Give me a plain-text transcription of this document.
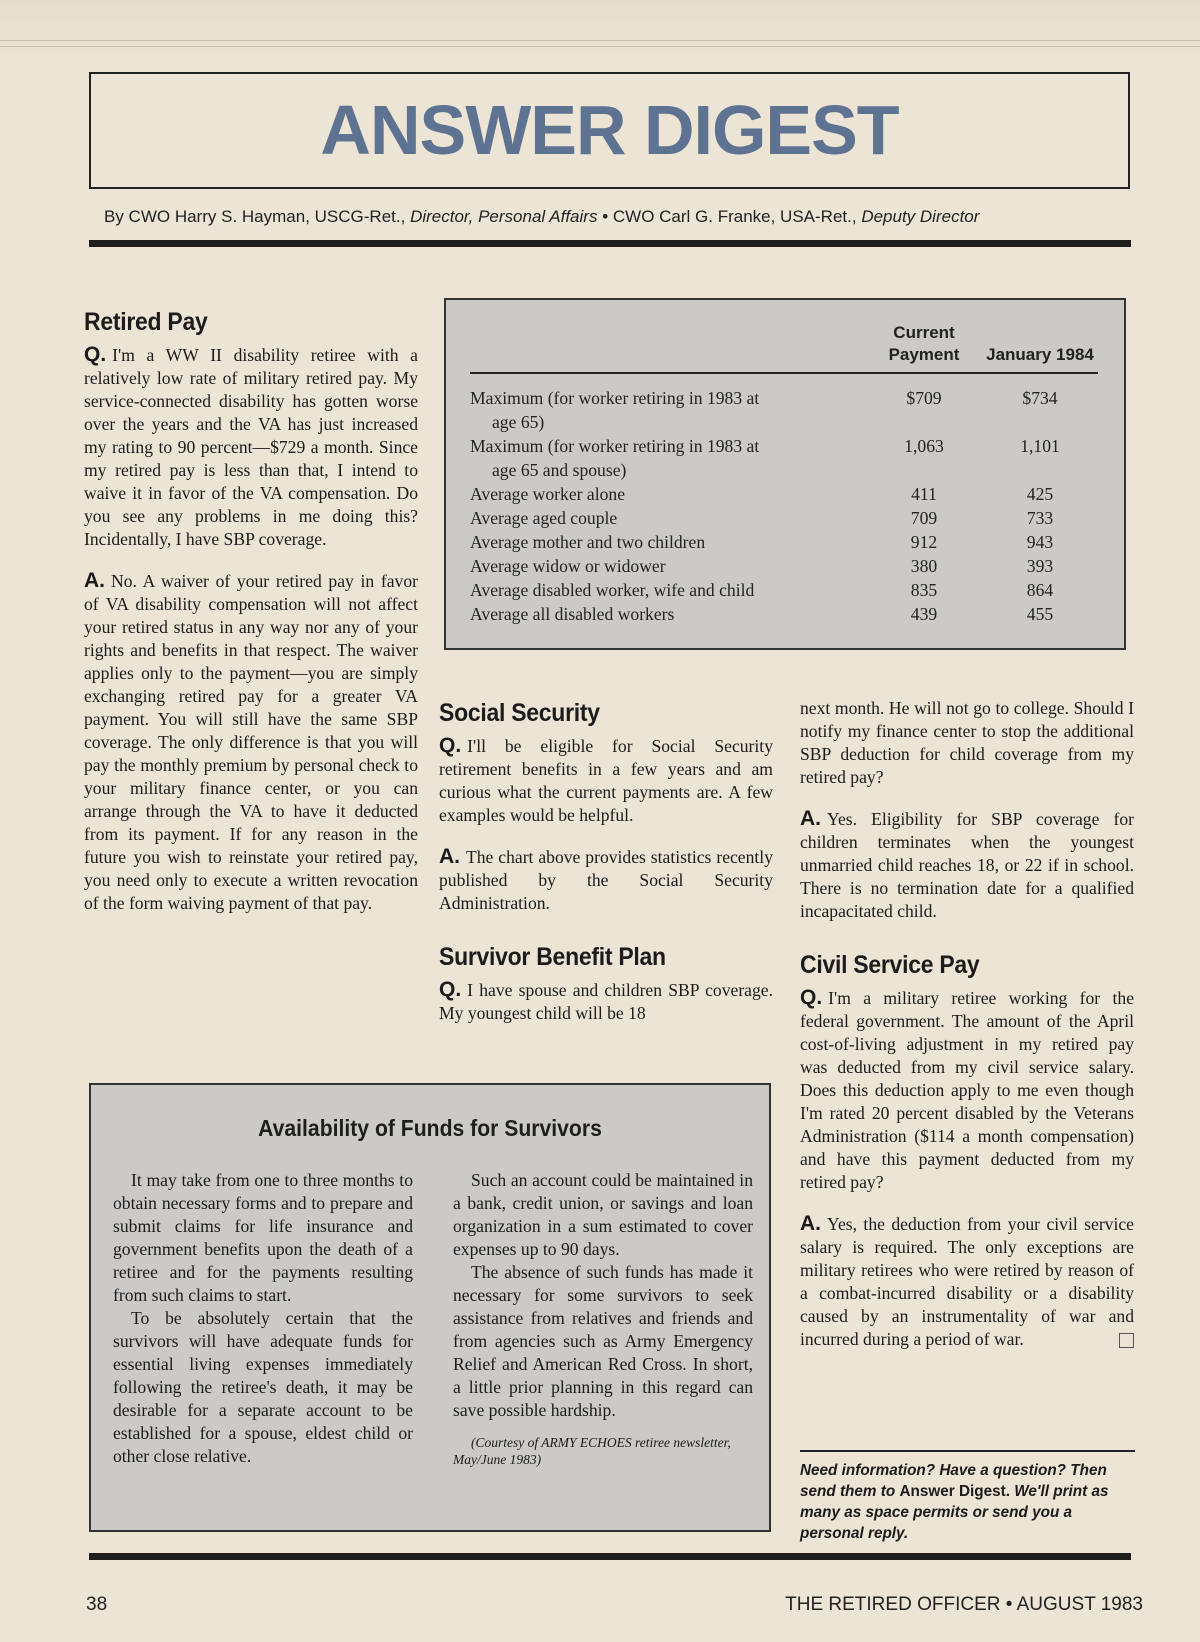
ANSWER DIGEST
By CWO Harry S. Hayman, USCG-Ret., Director, Personal Affairs • CWO Carl G. Franke, USA-Ret., Deputy Director
Retired Pay

Q. I'm a WW II disability retiree with a relatively low rate of military retired pay. My service-connected disability has gotten worse over the years and the VA has just increased my rating to 90 percent—$729 a month. Since my retired pay is less than that, I intend to waive it in favor of the VA compensation. Do you see any problems in me doing this? Incidentally, I have SBP coverage.

A. No. A waiver of your retired pay in favor of VA disability compensation will not affect your retired status in any way nor any of your rights and benefits in that respect. The waiver applies only to the payment—you are simply exchanging retired pay for a greater VA payment. You will still have the same SBP coverage. The only difference is that you will pay the monthly premium by personal check to your military finance center, or you can arrange through the VA to have it deducted from its payment. If for any reason in the future you wish to reinstate your retired pay, you need only to execute a written revocation of the form waiving payment of that pay.

	Current Payment	January 1984
Maximum (for worker retiring in 1983 at
age 65)	$709	$734
Maximum (for worker retiring in 1983 at
age 65 and spouse)	1,063	1,101
Average worker alone	411	425
Average aged couple	709	733
Average mother and two children	912	943
Average widow or widower	380	393
Average disabled worker, wife and child	835	864
Average all disabled workers	439	455
Social Security

Q. I'll be eligible for Social Security retirement benefits in a few years and am curious what the current payments are. A few examples would be helpful.

A. The chart above provides statistics recently published by the Social Security Administration.

Survivor Benefit Plan

Q. I have spouse and children SBP coverage. My youngest child will be 18

next month. He will not go to college. Should I notify my finance center to stop the additional SBP deduction for child coverage from my retired pay?

A. Yes. Eligibility for SBP coverage for children terminates when the youngest unmarried child reaches 18, or 22 if in school. There is no termination date for a qualified incapacitated child.

Civil Service Pay

Q. I'm a military retiree working for the federal government. The amount of the April cost-of-living adjustment in my retired pay was deducted from my civil service salary. Does this deduction apply to me even though I'm rated 20 percent disabled by the Veterans Administration ($114 a month compensation) and have this payment deducted from my retired pay?

A. Yes, the deduction from your civil service salary is required. The only exceptions are military retirees who were retired by reason of a combat-incurred disability or a disability caused by an instrumentality of war and incurred during a period of war.

Availability of Funds for Survivors

It may take from one to three months to obtain necessary forms and to prepare and submit claims for life insurance and government benefits upon the death of a retiree and for the payments resulting from such claims to start.

To be absolutely certain that the survivors will have adequate funds for essential living expenses immediately following the retiree's death, it may be desirable for a separate account to be established for a spouse, eldest child or other close relative.

Such an account could be maintained in a bank, credit union, or savings and loan organization in a sum estimated to cover expenses up to 90 days.

The absence of such funds has made it necessary for some survivors to seek assistance from relatives and friends and from agencies such as Army Emergency Relief and American Red Cross. In short, a little prior planning in this regard can save possible hardship.

(Courtesy of ARMY ECHOES retiree newsletter, May/June 1983)

Need information? Have a question? Then send them to Answer Digest. We'll print as many as space permits or send you a personal reply.

38	THE RETIRED OFFICER • AUGUST 1983
